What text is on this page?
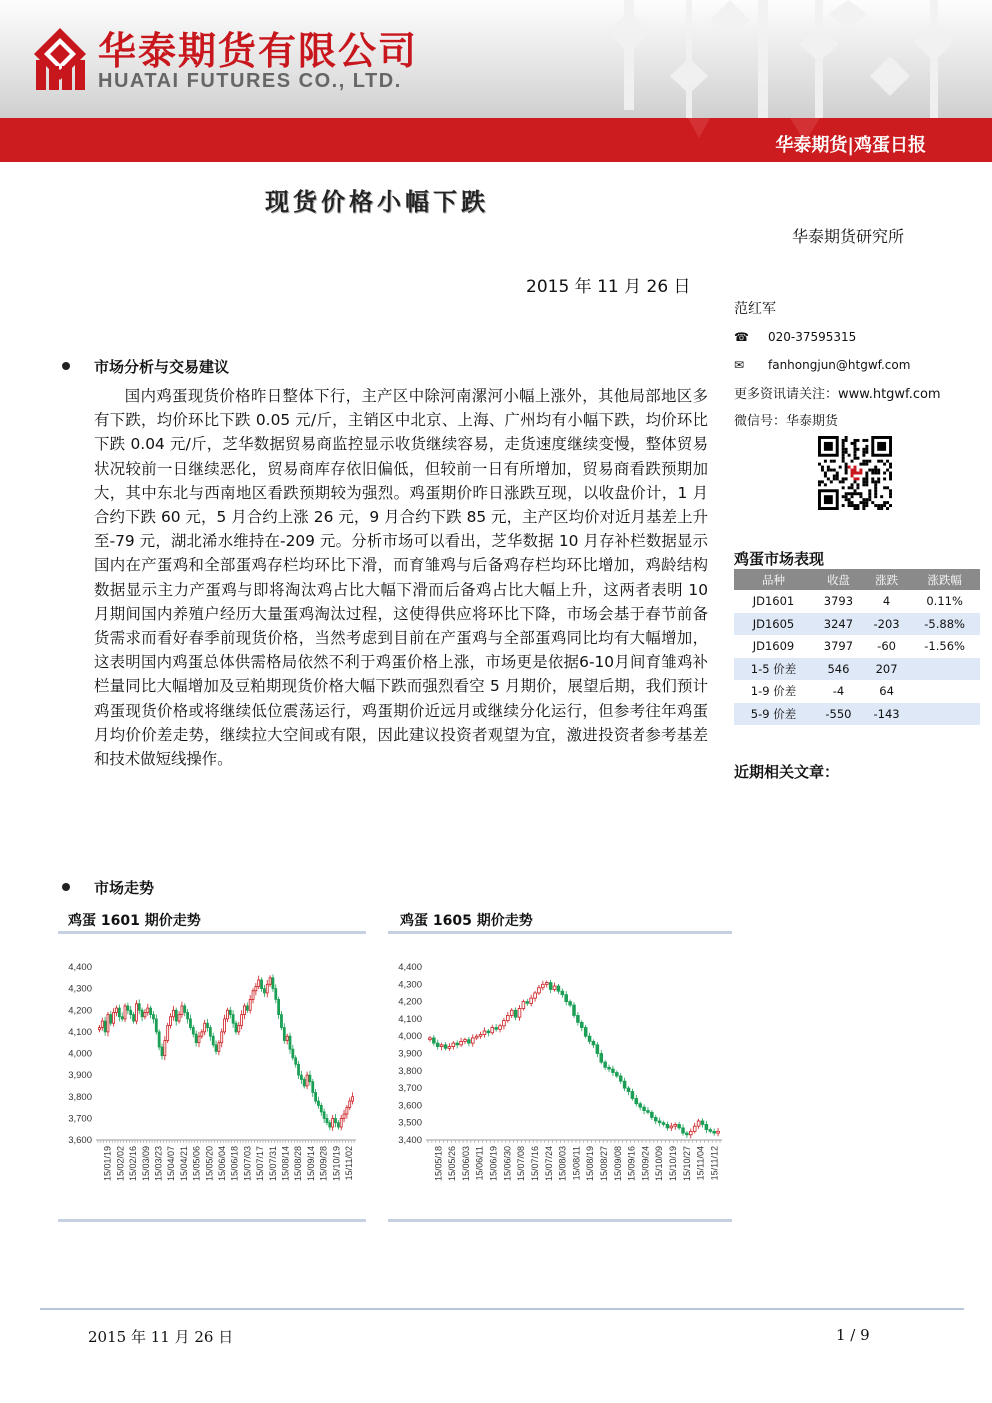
华泰期货有限公司
HUATAI FUTURES CO., LTD.
华泰期货|鸡蛋日报
现货价格小幅下跌
华泰期货研究所
2015 年 11 月 26 日
范红军
☎ 020-37595315
✉ fanhongjun@htgwf.com
更多资讯请关注：www.htgwf.com
微信号：华泰期货
鸡蛋市场表现
品种	收盘	涨跌	涨跌幅
JD1601	3793	4	0.11%
JD1605	3247	-203	-5.88%
JD1609	3797	-60	-1.56%
1-5 价差	546	207	
1-9 价差	-4	64	
5-9 价差	-550	-143	
近期相关文章：
市场分析与交易建议
国内鸡蛋现货价格昨日整体下行，主产区中除河南漯河小幅上涨外，其他局部地区多有下跌，均价环比下跌 0.05 元/斤，主销区中北京、上海、广州均有小幅下跌，均价环比下跌 0.04 元/斤，芝华数据贸易商监控显示收货继续容易，走货速度继续变慢，整体贸易状况较前一日继续恶化，贸易商库存依旧偏低，但较前一日有所增加，贸易商看跌预期加大，其中东北与西南地区看跌预期较为强烈。鸡蛋期价昨日涨跌互现，以收盘价计，1 月合约下跌 60 元，5 月合约上涨 26 元，9 月合约下跌 85 元，主产区均价对近月基差上升至-79 元，湖北浠水维持在-209 元。分析市场可以看出，芝华数据 10 月存补栏数据显示国内在产蛋鸡和全部蛋鸡存栏均环比下滑，而育雏鸡与后备鸡存栏均环比增加，鸡龄结构数据显示主力产蛋鸡与即将淘汰鸡占比大幅下滑而后备鸡占比大幅上升，这两者表明 10 月期间国内养殖户经历大量蛋鸡淘汰过程，这使得供应将环比下降，市场会基于春节前备货需求而看好春季前现货价格，当然考虑到目前在产蛋鸡与全部蛋鸡同比均有大幅增加，这表明国内鸡蛋总体供需格局依然不利于鸡蛋价格上涨，市场更是依据6-10月间育雏鸡补栏量同比大幅增加及豆粕期现货价格大幅下跌而强烈看空 5 月期价，展望后期，我们预计鸡蛋现货价格或将继续低位震荡运行，鸡蛋期价近远月或继续分化运行，但参考往年鸡蛋月均价价差走势，继续拉大空间或有限，因此建议投资者观望为宜，激进投资者参考基差和技术做短线操作。
市场走势
鸡蛋 1601 期价走势
4,400
4,300
4,200
4,100
4,000
3,900
3,800
3,700
3,600
15/01/19 15/02/02 15/02/16 15/03/09 15/03/23 15/04/07 15/04/21 15/05/06 15/05/20 15/06/04 15/06/18 15/07/03 15/07/17 15/07/31 15/08/14 15/08/28 15/09/14 15/09/28 15/10/19 15/11/02
鸡蛋 1605 期价走势
4,400
4,300
4,200
4,100
4,000
3,900
3,800
3,700
3,600
3,500
3,400
15/05/18 15/05/26 15/06/03 15/06/11 15/06/19 15/06/30 15/07/08 15/07/16 15/07/24 15/08/03 15/08/11 15/08/19 15/08/27 15/09/08 15/09/16 15/09/24 15/10/09 15/10/19 15/10/27 15/11/04 15/11/12
2015 年 11 月 26 日	1 / 9
